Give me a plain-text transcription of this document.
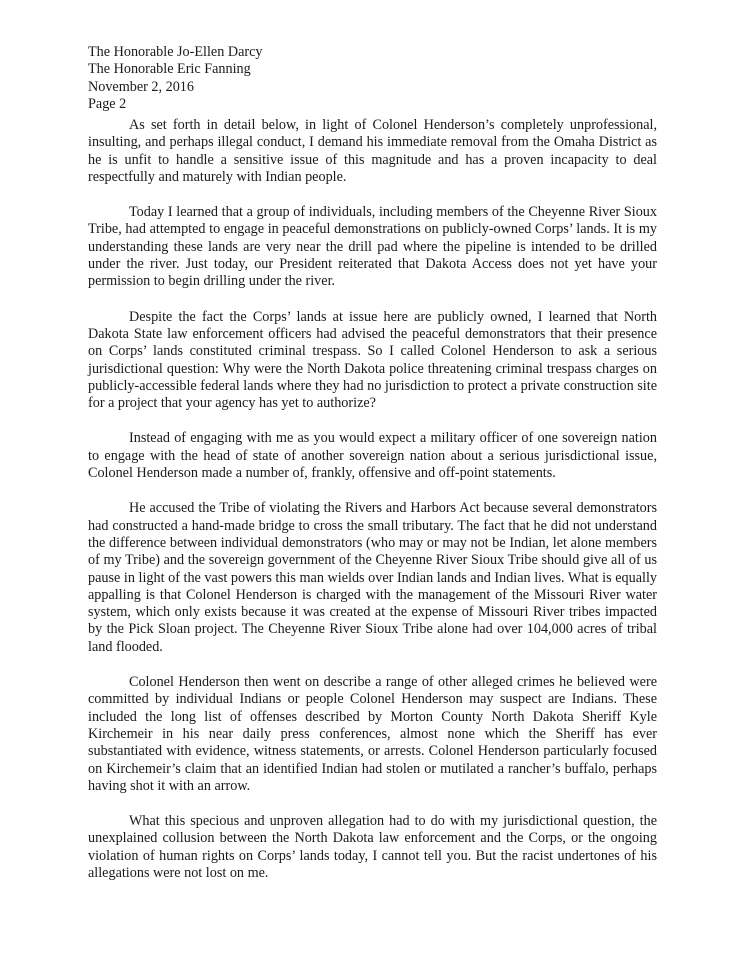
The Honorable Jo-Ellen Darcy
The Honorable Eric Fanning
November 2, 2016
Page 2

As set forth in detail below, in light of Colonel Henderson’s completely unprofessional, insulting, and perhaps illegal conduct, I demand his immediate removal from the Omaha District as he is unfit to handle a sensitive issue of this magnitude and has a proven incapacity to deal respectfully and maturely with Indian people.

Today I learned that a group of individuals, including members of the Cheyenne River Sioux Tribe, had attempted to engage in peaceful demonstrations on publicly-owned Corps’ lands. It is my understanding these lands are very near the drill pad where the pipeline is intended to be drilled under the river. Just today, our President reiterated that Dakota Access does not yet have your permission to begin drilling under the river.

Despite the fact the Corps’ lands at issue here are publicly owned, I learned that North Dakota State law enforcement officers had advised the peaceful demonstrators that their presence on Corps’ lands constituted criminal trespass. So I called Colonel Henderson to ask a serious jurisdictional question: Why were the North Dakota police threatening criminal trespass charges on publicly-accessible federal lands where they had no jurisdiction to protect a private construction site for a project that your agency has yet to authorize?

Instead of engaging with me as you would expect a military officer of one sovereign nation to engage with the head of state of another sovereign nation about a serious jurisdictional issue, Colonel Henderson made a number of, frankly, offensive and off-point statements.

He accused the Tribe of violating the Rivers and Harbors Act because several demonstrators had constructed a hand-made bridge to cross the small tributary. The fact that he did not understand the difference between individual demonstrators (who may or may not be Indian, let alone members of my Tribe) and the sovereign government of the Cheyenne River Sioux Tribe should give all of us pause in light of the vast powers this man wields over Indian lands and Indian lives. What is equally appalling is that Colonel Henderson is charged with the management of the Missouri River water system, which only exists because it was created at the expense of Missouri River tribes impacted by the Pick Sloan project. The Cheyenne River Sioux Tribe alone had over 104,000 acres of tribal land flooded.

Colonel Henderson then went on describe a range of other alleged crimes he believed were committed by individual Indians or people Colonel Henderson may suspect are Indians. These included the long list of offenses described by Morton County North Dakota Sheriff Kyle Kirchemeir in his near daily press conferences, almost none which the Sheriff has ever substantiated with evidence, witness statements, or arrests. Colonel Henderson particularly focused on Kirchemeir’s claim that an identified Indian had stolen or mutilated a rancher’s buffalo, perhaps having shot it with an arrow.

What this specious and unproven allegation had to do with my jurisdictional question, the unexplained collusion between the North Dakota law enforcement and the Corps, or the ongoing violation of human rights on Corps’ lands today, I cannot tell you. But the racist undertones of his allegations were not lost on me.
